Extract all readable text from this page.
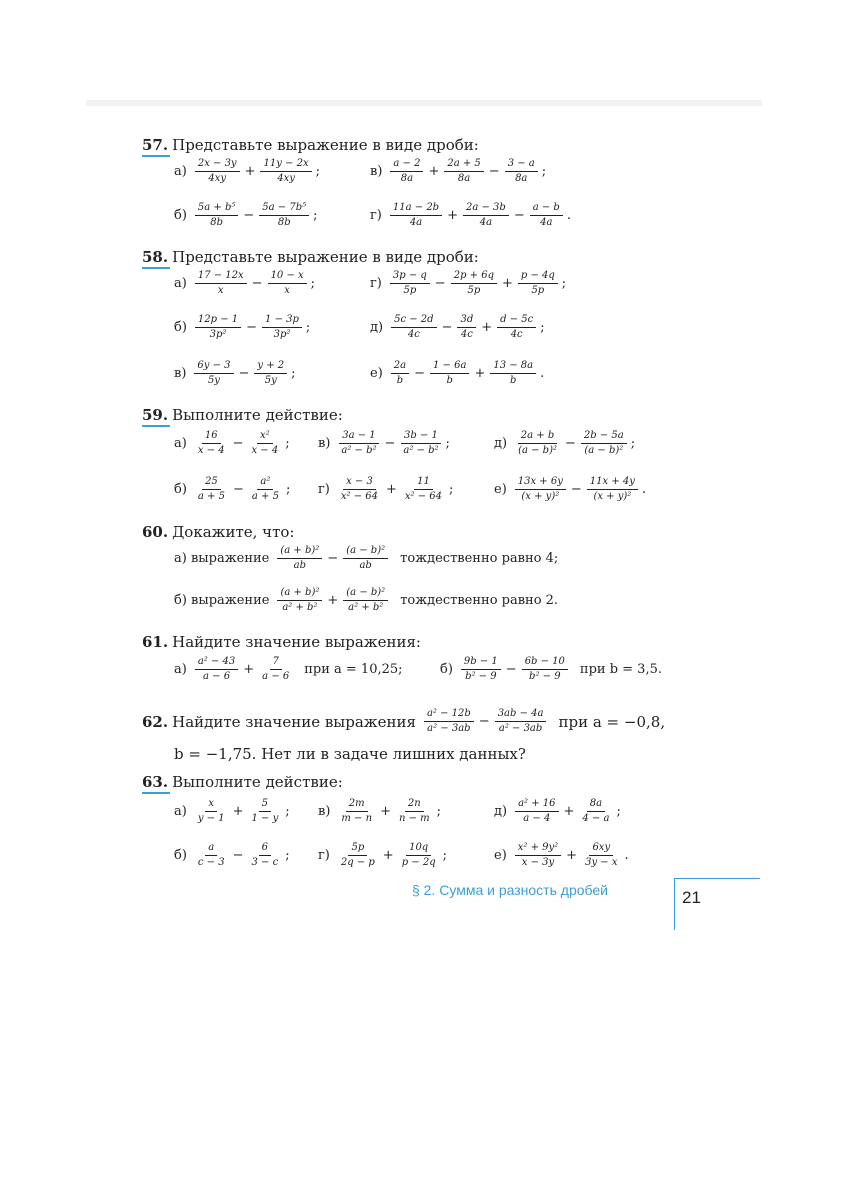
57. Представьте выражение в виде дроби:
$а) \frac{2x - 3y}{4xy} + \frac{11y - 2x}{4xy}$ ;
$б) \frac{\text{5a + b⁵}}{8b} - \frac{\text{5a − 7b⁵}}{8b}$ ;
$в) \frac{a - 2}{8a} + \frac{2a + 5}{8a} - \frac{3 - a}{8a}$ ;
$г) \frac{11a - 2b}{4a} + \frac{2a - 3b}{4a} - \frac{a - b}{4a}$ .
58. Представьте выражение в виде дроби:
$а) \frac{17 - 12x}{x} - \frac{10 - x}{x}$ ;
$б) \frac{12p - 1}{\text{3p²}} - \frac{1 - 3p}{\text{3p²}}$ ;
$в) \frac{6y - 3}{5y} - \frac{y + 2}{5y}$ ;
$г) \frac{3p - q}{5p} - \frac{2p + 6q}{5p} + \frac{p - 4q}{5p}$ ;
$д) \frac{5c - 2d}{4c} - \frac{3d}{4c} + \frac{d - 5c}{4c}$ ;
$е) \frac{2a}{b} - \frac{1 - 6a}{b} + \frac{13 - 8a}{b}$ .
59. Выполните действие:
$а) \frac{16}{x - 4} - \frac{\text{x²}}{x - 4}$ ;
$б) \frac{25}{a + 5} - \frac{\text{a²}}{a + 5}$ ;
$в) \frac{3a - 1}{\text{a² − b²}} - \frac{3b - 1}{\text{a² − b²}}$ ;
$г) \frac{x - 3}{\text{x² − 64}} + \frac{11}{\text{x² − 64}}$ ;
$д) \frac{2a + b}{\text{(a − b)²}} - \frac{2b - 5a}{\text{(a − b)²}}$ ;
$е) \frac{13x + 6y}{\text{(x + y)²}} - \frac{11x + 4y}{\text{(x + y)²}}$ .
60. Докажите, что:
а) выражение $\frac{\text{(a + b)²}}{ab} - \frac{\text{(a − b)²}}{ab}$ тождественно равно 4;
б) выражение $\frac{\text{(a + b)²}}{\text{a² + b²}} + \frac{\text{(a − b)²}}{\text{a² + b²}}$ тождественно равно 2.
61. Найдите значение выражения:
$а) \frac{\text{a² − 43}}{a - 6} + \frac{7}{a - 6}$ при a = 10,25;	$б) \frac{9b - 1}{\text{b² − 9}} - \frac{6b - 10}{\text{b² − 9}}$ при b = 3,5.
62. Найдите значение выражения	a² − 12b
$a^2 - 3ab - \frac{3ab - 4a}{\text{a² − 3ab}}$ при a = −0,8,
b = −1,75. Нет ли в задаче лишних данных?
63. Выполните действие:
$а) \frac{x}{y - 1} + \frac{5}{1 - y}$ ;
$б) \frac{a}{c - 3} - \frac{6}{3 - c}$ ;
$в) \frac{2m}{m - n} + \frac{2n}{n - m}$ ;
$г) \frac{5p}{2q - p} + \frac{10q}{p - 2q}$ ;
$д) \frac{\text{a² + 16}}{a - 4} + \frac{8a}{4 - a}$ ;
$е) \frac{\text{x² + 9y²}}{x - 3y} + \frac{6xy}{3y - x}$ .
§ 2. Сумма и разность дробей	21
